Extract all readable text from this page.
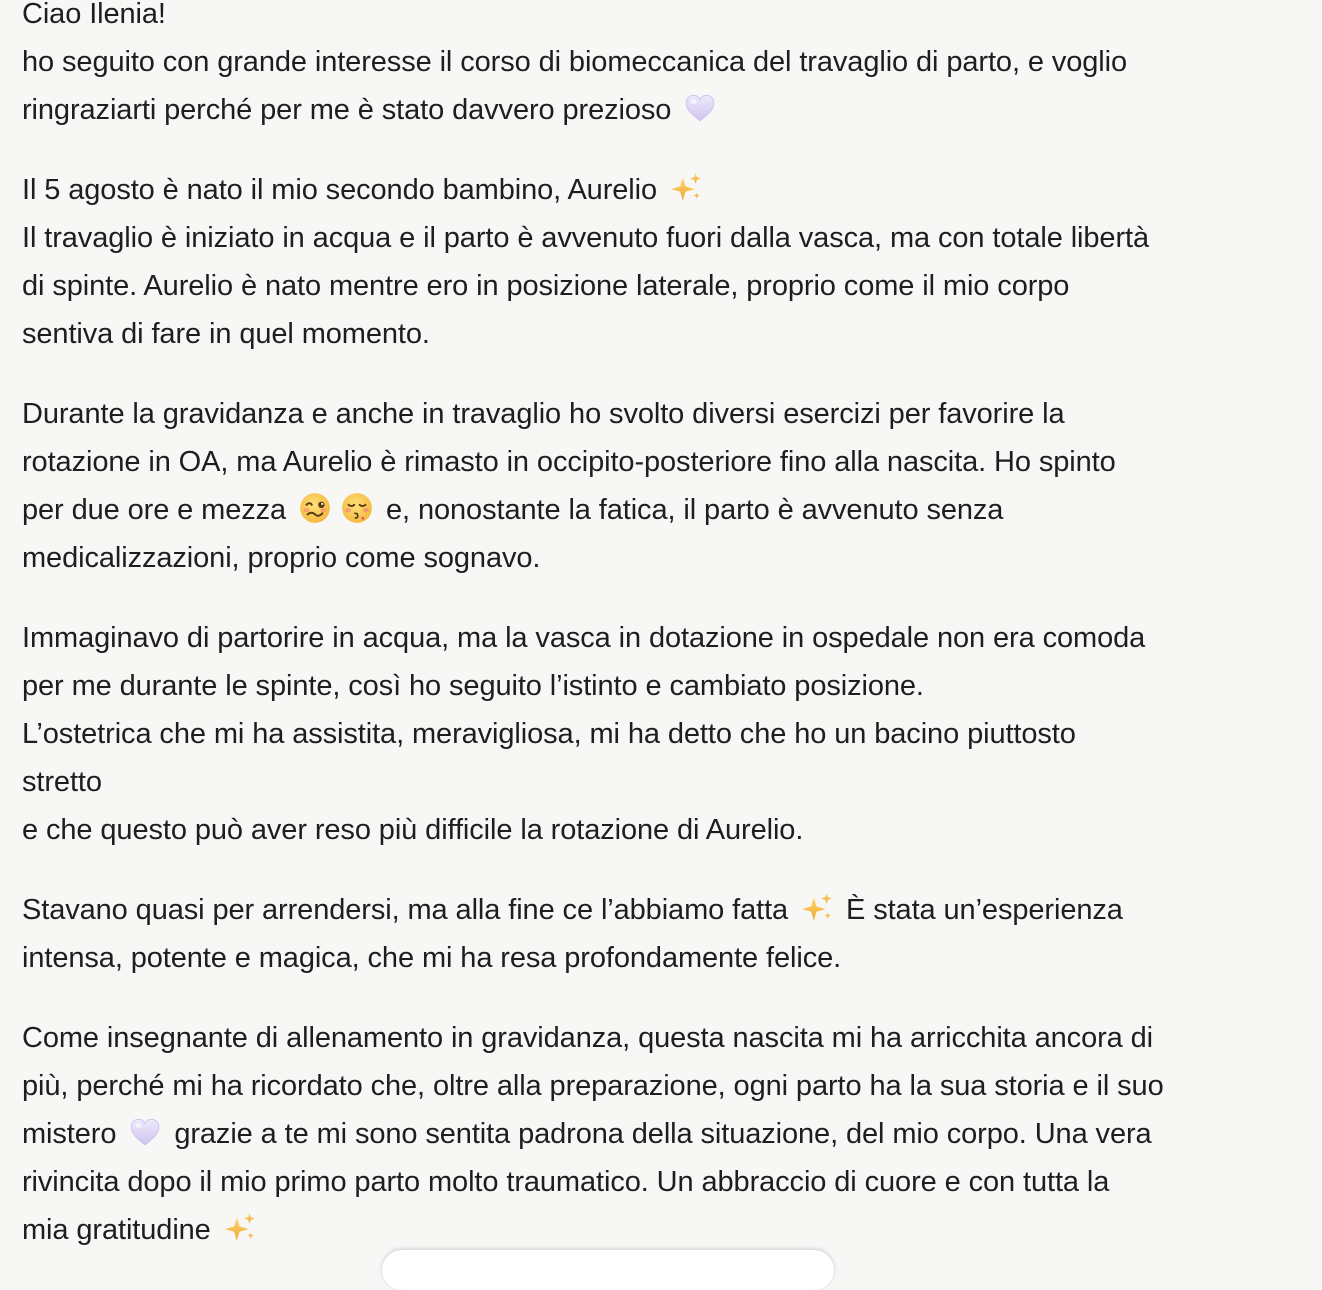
Ciao Ilenia!
ho seguito con grande interesse il corso di biomeccanica del travaglio di parto, e voglio
ringraziarti perché per me è stato davvero prezioso
Il 5 agosto è nato il mio secondo bambino, Aurelio
Il travaglio è iniziato in acqua e il parto è avvenuto fuori dalla vasca, ma con totale libertà
di spinte. Aurelio è nato mentre ero in posizione laterale, proprio come il mio corpo
sentiva di fare in quel momento.
Durante la gravidanza e anche in travaglio ho svolto diversi esercizi per favorire la
rotazione in OA, ma Aurelio è rimasto in occipito-posteriore fino alla nascita. Ho spinto
per due ore e mezza	e, nonostante la fatica, il parto è avvenuto senza
medicalizzazioni, proprio come sognavo.
Immaginavo di partorire in acqua, ma la vasca in dotazione in ospedale non era comoda
per me durante le spinte, così ho seguito l’istinto e cambiato posizione.
L’ostetrica che mi ha assistita, meravigliosa, mi ha detto che ho un bacino piuttosto
stretto
e che questo può aver reso più difficile la rotazione di Aurelio.
Stavano quasi per arrendersi, ma alla fine ce l’abbiamo fatta È stata un’esperienza
intensa, potente e magica, che mi ha resa profondamente felice.
Come insegnante di allenamento in gravidanza, questa nascita mi ha arricchita ancora di
più, perché mi ha ricordato che, oltre alla preparazione, ogni parto ha la sua storia e il suo
mistero grazie a te mi sono sentita padrona della situazione, del mio corpo. Una vera
rivincita dopo il mio primo parto molto traumatico. Un abbraccio di cuore e con tutta la
mia gratitudine
